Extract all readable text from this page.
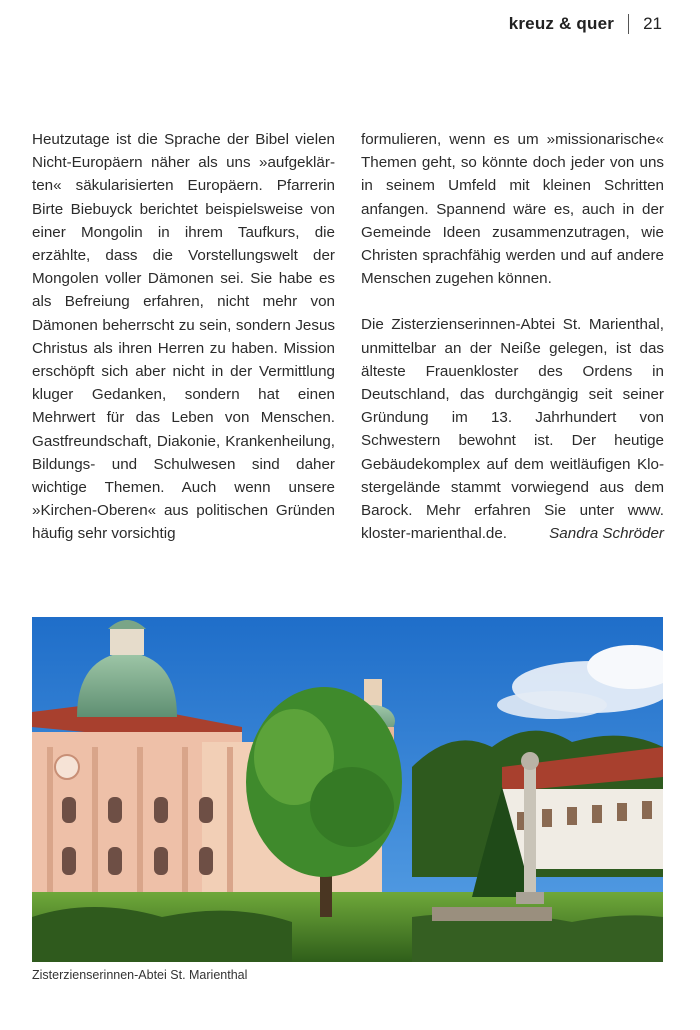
kreuz & quer 21

Heutzutage ist die Sprache der Bibel vielen Nicht-Europäern näher als uns »aufgeklärten« säkularisierten Europäern. Pfarrerin Birte Biebuyck berichtet beispielsweise von einer Mongolin in ihrem Taufkurs, die erzählte, dass die Vorstellungswelt der Mongolen voller Dämonen sei. Sie habe es als Befreiung erfahren, nicht mehr von Dämonen beherrscht zu sein, sondern Jesus Christus als ihren Herren zu haben. Mission erschöpft sich aber nicht in der Vermittlung kluger Gedanken, sondern hat einen Mehrwert für das Leben von Menschen. Gastfreundschaft, Diakonie, Krankenheilung, Bildungs- und Schulwesen sind daher wichtige Themen. Auch wenn unsere »Kirchen-Oberen« aus politischen Gründen häufig sehr vorsichtig

formulieren, wenn es um »missionarische« Themen geht, so könnte doch jeder von uns in seinem Umfeld mit kleinen Schritten anfangen. Spannend wäre es, auch in der Gemeinde Ideen zusammenzutragen, wie Christen sprachfähig werden und auf andere Menschen zugehen können.

Die Zisterzienserinnen-Abtei St. Marienthal, unmittelbar an der Neiße gelegen, ist das älteste Frauenkloster des Ordens in Deutschland, das durchgängig seit seiner Gründung im 13. Jahrhundert von Schwestern bewohnt ist. Der heutige Gebäudekomplex auf dem weitläufigen Klostergelände stammt vorwiegend aus dem Barock. Mehr erfahren Sie unter www. kloster-marienthal.de.	Sandra Schröder

Zisterzienserinnen-Abtei St. Marienthal
